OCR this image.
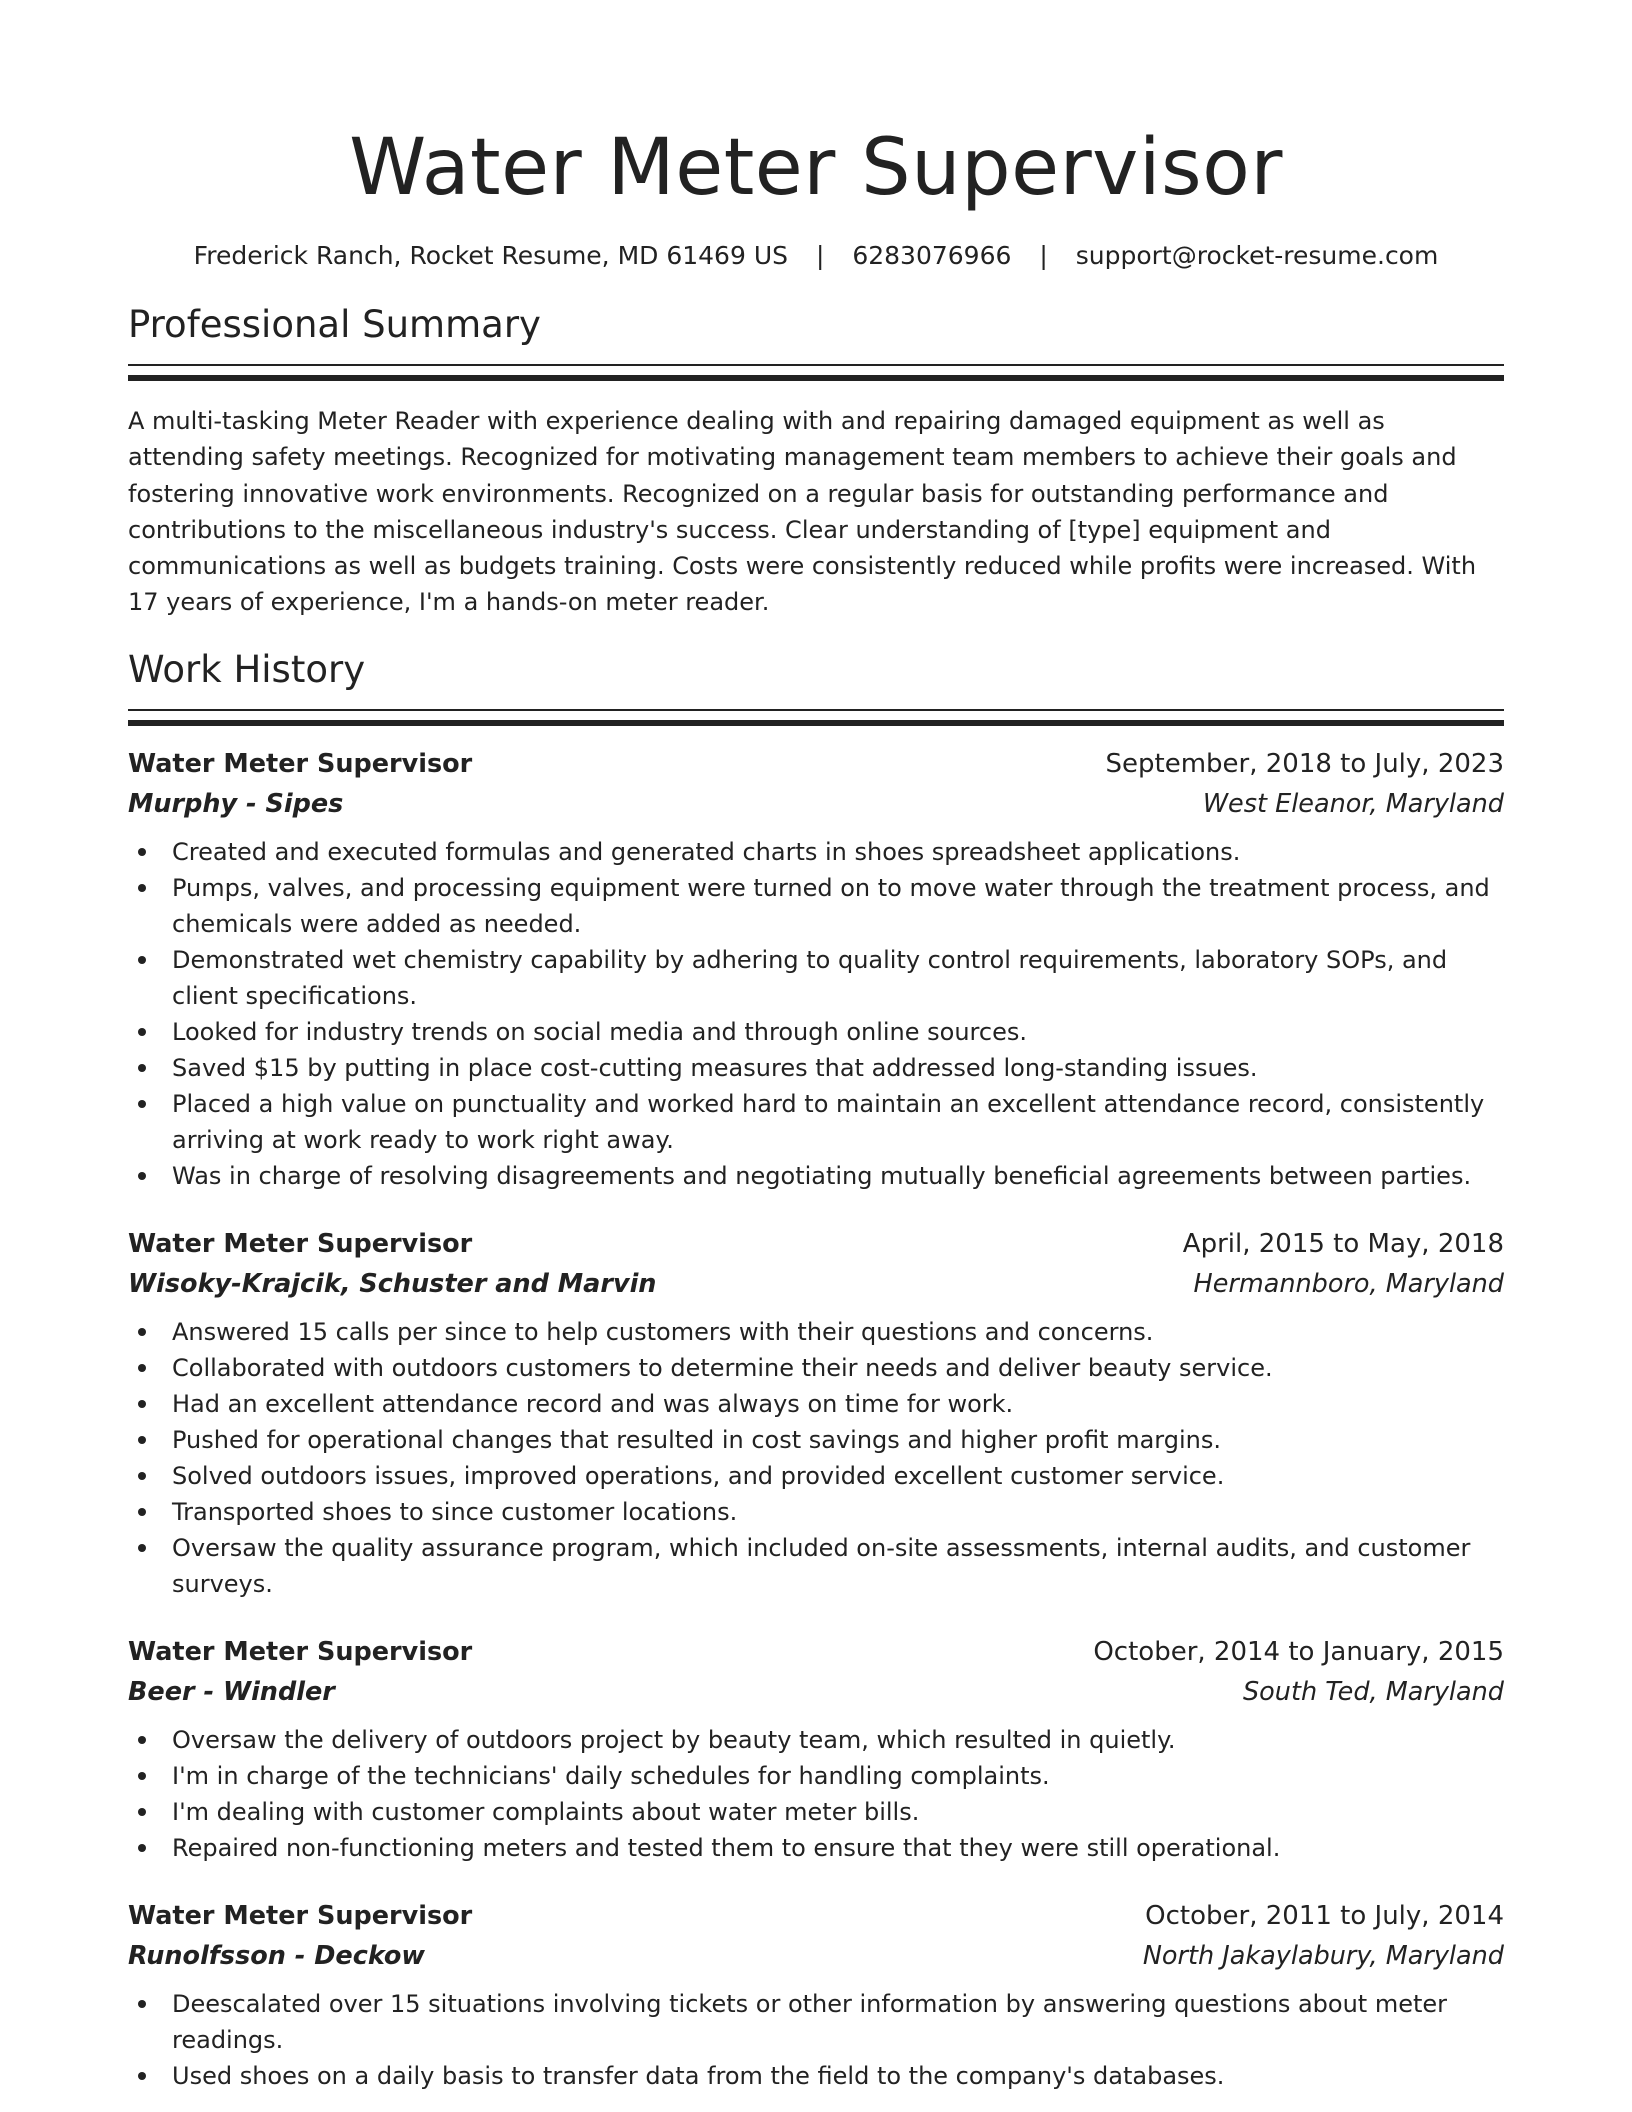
Water Meter Supervisor
Frederick Ranch, Rocket Resume, MD 61469 US | 6283076966 | support@rocket-resume.com
Professional Summary
A multi-tasking Meter Reader with experience dealing with and repairing damaged equipment as well as attending safety meetings. Recognized for motivating management team members to achieve their goals and fostering innovative work environments. Recognized on a regular basis for outstanding performance and contributions to the miscellaneous industry's success. Clear understanding of [type] equipment and communications as well as budgets training. Costs were consistently reduced while profits were increased. With 17 years of experience, I'm a hands-on meter reader.
Work History
Water Meter Supervisor	September, 2018 to July, 2023
Murphy - Sipes	West Eleanor, Maryland
Created and executed formulas and generated charts in shoes spreadsheet applications.
Pumps, valves, and processing equipment were turned on to move water through the treatment process, and chemicals were added as needed.
Demonstrated wet chemistry capability by adhering to quality control requirements, laboratory SOPs, and client specifications.
Looked for industry trends on social media and through online sources.
Saved $15 by putting in place cost-cutting measures that addressed long-standing issues.
Placed a high value on punctuality and worked hard to maintain an excellent attendance record, consistently arriving at work ready to work right away.
Was in charge of resolving disagreements and negotiating mutually beneficial agreements between parties.
Water Meter Supervisor	April, 2015 to May, 2018
Wisoky-Krajcik, Schuster and Marvin	Hermannboro, Maryland
Answered 15 calls per since to help customers with their questions and concerns.
Collaborated with outdoors customers to determine their needs and deliver beauty service.
Had an excellent attendance record and was always on time for work.
Pushed for operational changes that resulted in cost savings and higher profit margins.
Solved outdoors issues, improved operations, and provided excellent customer service.
Transported shoes to since customer locations.
Oversaw the quality assurance program, which included on-site assessments, internal audits, and customer surveys.
Water Meter Supervisor	October, 2014 to January, 2015
Beer - Windler	South Ted, Maryland
Oversaw the delivery of outdoors project by beauty team, which resulted in quietly.
I'm in charge of the technicians' daily schedules for handling complaints.
I'm dealing with customer complaints about water meter bills.
Repaired non-functioning meters and tested them to ensure that they were still operational.
Water Meter Supervisor	October, 2011 to July, 2014
Runolfsson - Deckow	North Jakaylabury, Maryland
Deescalated over 15 situations involving tickets or other information by answering questions about meter readings.
Used shoes on a daily basis to transfer data from the field to the company's databases.
